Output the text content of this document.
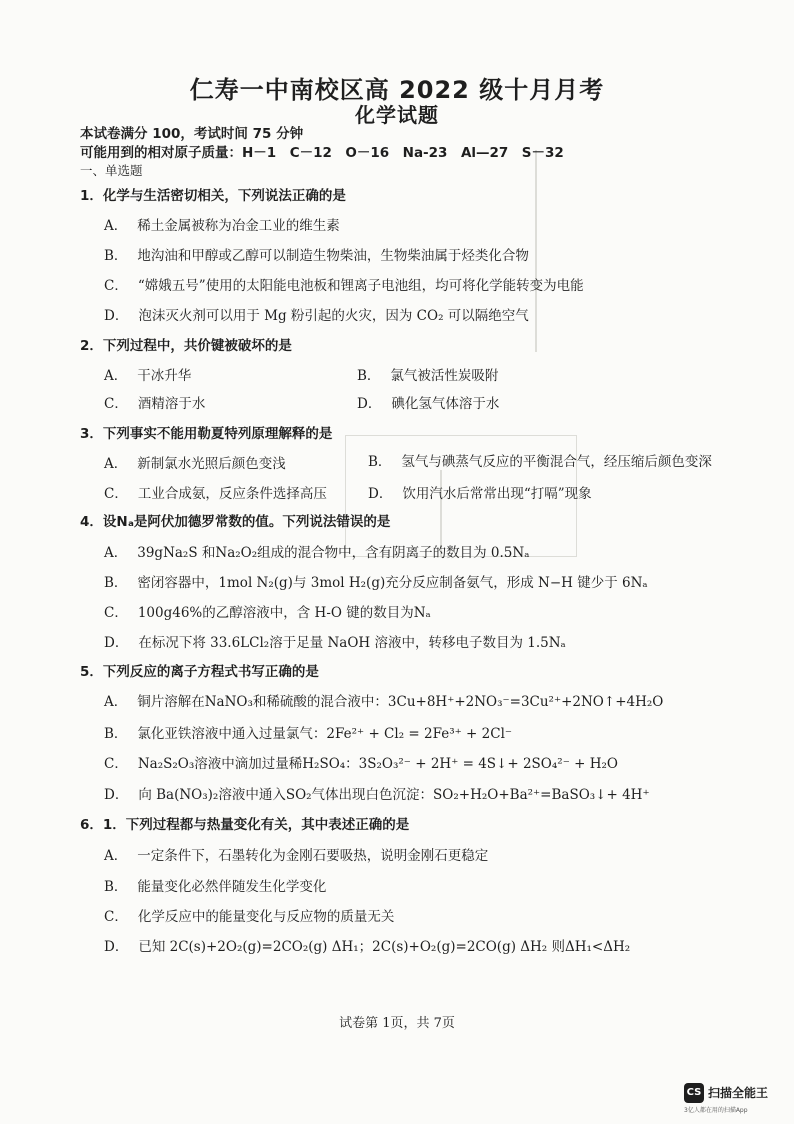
仁寿一中南校区高 2022 级十月月考
化学试题
本试卷满分 100，考试时间 75 分钟
可能用到的相对原子质量：H－1　C－12　O－16　Na-23　Al—27　S－32
一、单选题
1．化学与生活密切相关，下列说法正确的是
A． 稀土金属被称为冶金工业的维生素
B． 地沟油和甲醇或乙醇可以制造生物柴油，生物柴油属于烃类化合物
C． “嫦娥五号”使用的太阳能电池板和锂离子电池组，均可将化学能转变为电能
D． 泡沫灭火剂可以用于 Mg 粉引起的火灾，因为 CO₂ 可以隔绝空气
2．下列过程中，共价键被破坏的是
A． 干冰升华	B． 氯气被活性炭吸附
C． 酒精溶于水	D． 碘化氢气体溶于水
3．下列事实不能用勒夏特列原理解释的是
A． 新制氯水光照后颜色变浅	B． 氢气与碘蒸气反应的平衡混合气，经压缩后颜色变深
C． 工业合成氨，反应条件选择高压	D． 饮用汽水后常常出现“打嗝”现象
4．设Nₐ是阿伏加德罗常数的值。下列说法错误的是
A． 39gNa₂S 和Na₂O₂组成的混合物中，含有阴离子的数目为 0.5Nₐ
B． 密闭容器中，1mol N₂(g)与 3mol H₂(g)充分反应制备氨气，形成 N−H 键少于 6Nₐ
C． 100g46%的乙醇溶液中，含 H-O 键的数目为Nₐ
D． 在标况下将 33.6LCl₂溶于足量 NaOH 溶液中，转移电子数目为 1.5Nₐ
5．下列反应的离子方程式书写正确的是
A． 铜片溶解在NaNO₃和稀硫酸的混合液中：3Cu+8H⁺+2NO₃⁻=3Cu²⁺+2NO↑+4H₂O
B． 氯化亚铁溶液中通入过量氯气：2Fe²⁺ + Cl₂ = 2Fe³⁺ + 2Cl⁻
C． Na₂S₂O₃溶液中滴加过量稀H₂SO₄：3S₂O₃²⁻ + 2H⁺ = 4S↓+ 2SO₄²⁻ + H₂O
D． 向 Ba(NO₃)₂溶液中通入SO₂气体出现白色沉淀：SO₂+H₂O+Ba²⁺=BaSO₃↓+ 4H⁺
6．1．下列过程都与热量变化有关，其中表述正确的是
A． 一定条件下，石墨转化为金刚石要吸热，说明金刚石更稳定
B． 能量变化必然伴随发生化学变化
C． 化学反应中的能量变化与反应物的质量无关
D． 已知 2C(s)+2O₂(g)=2CO₂(g) ΔH₁；2C(s)+O₂(g)=2CO(g) ΔH₂ 则ΔH₁<ΔH₂
试卷第 1页，共 7页
CS 扫描全能王
3亿人都在用的扫描App
